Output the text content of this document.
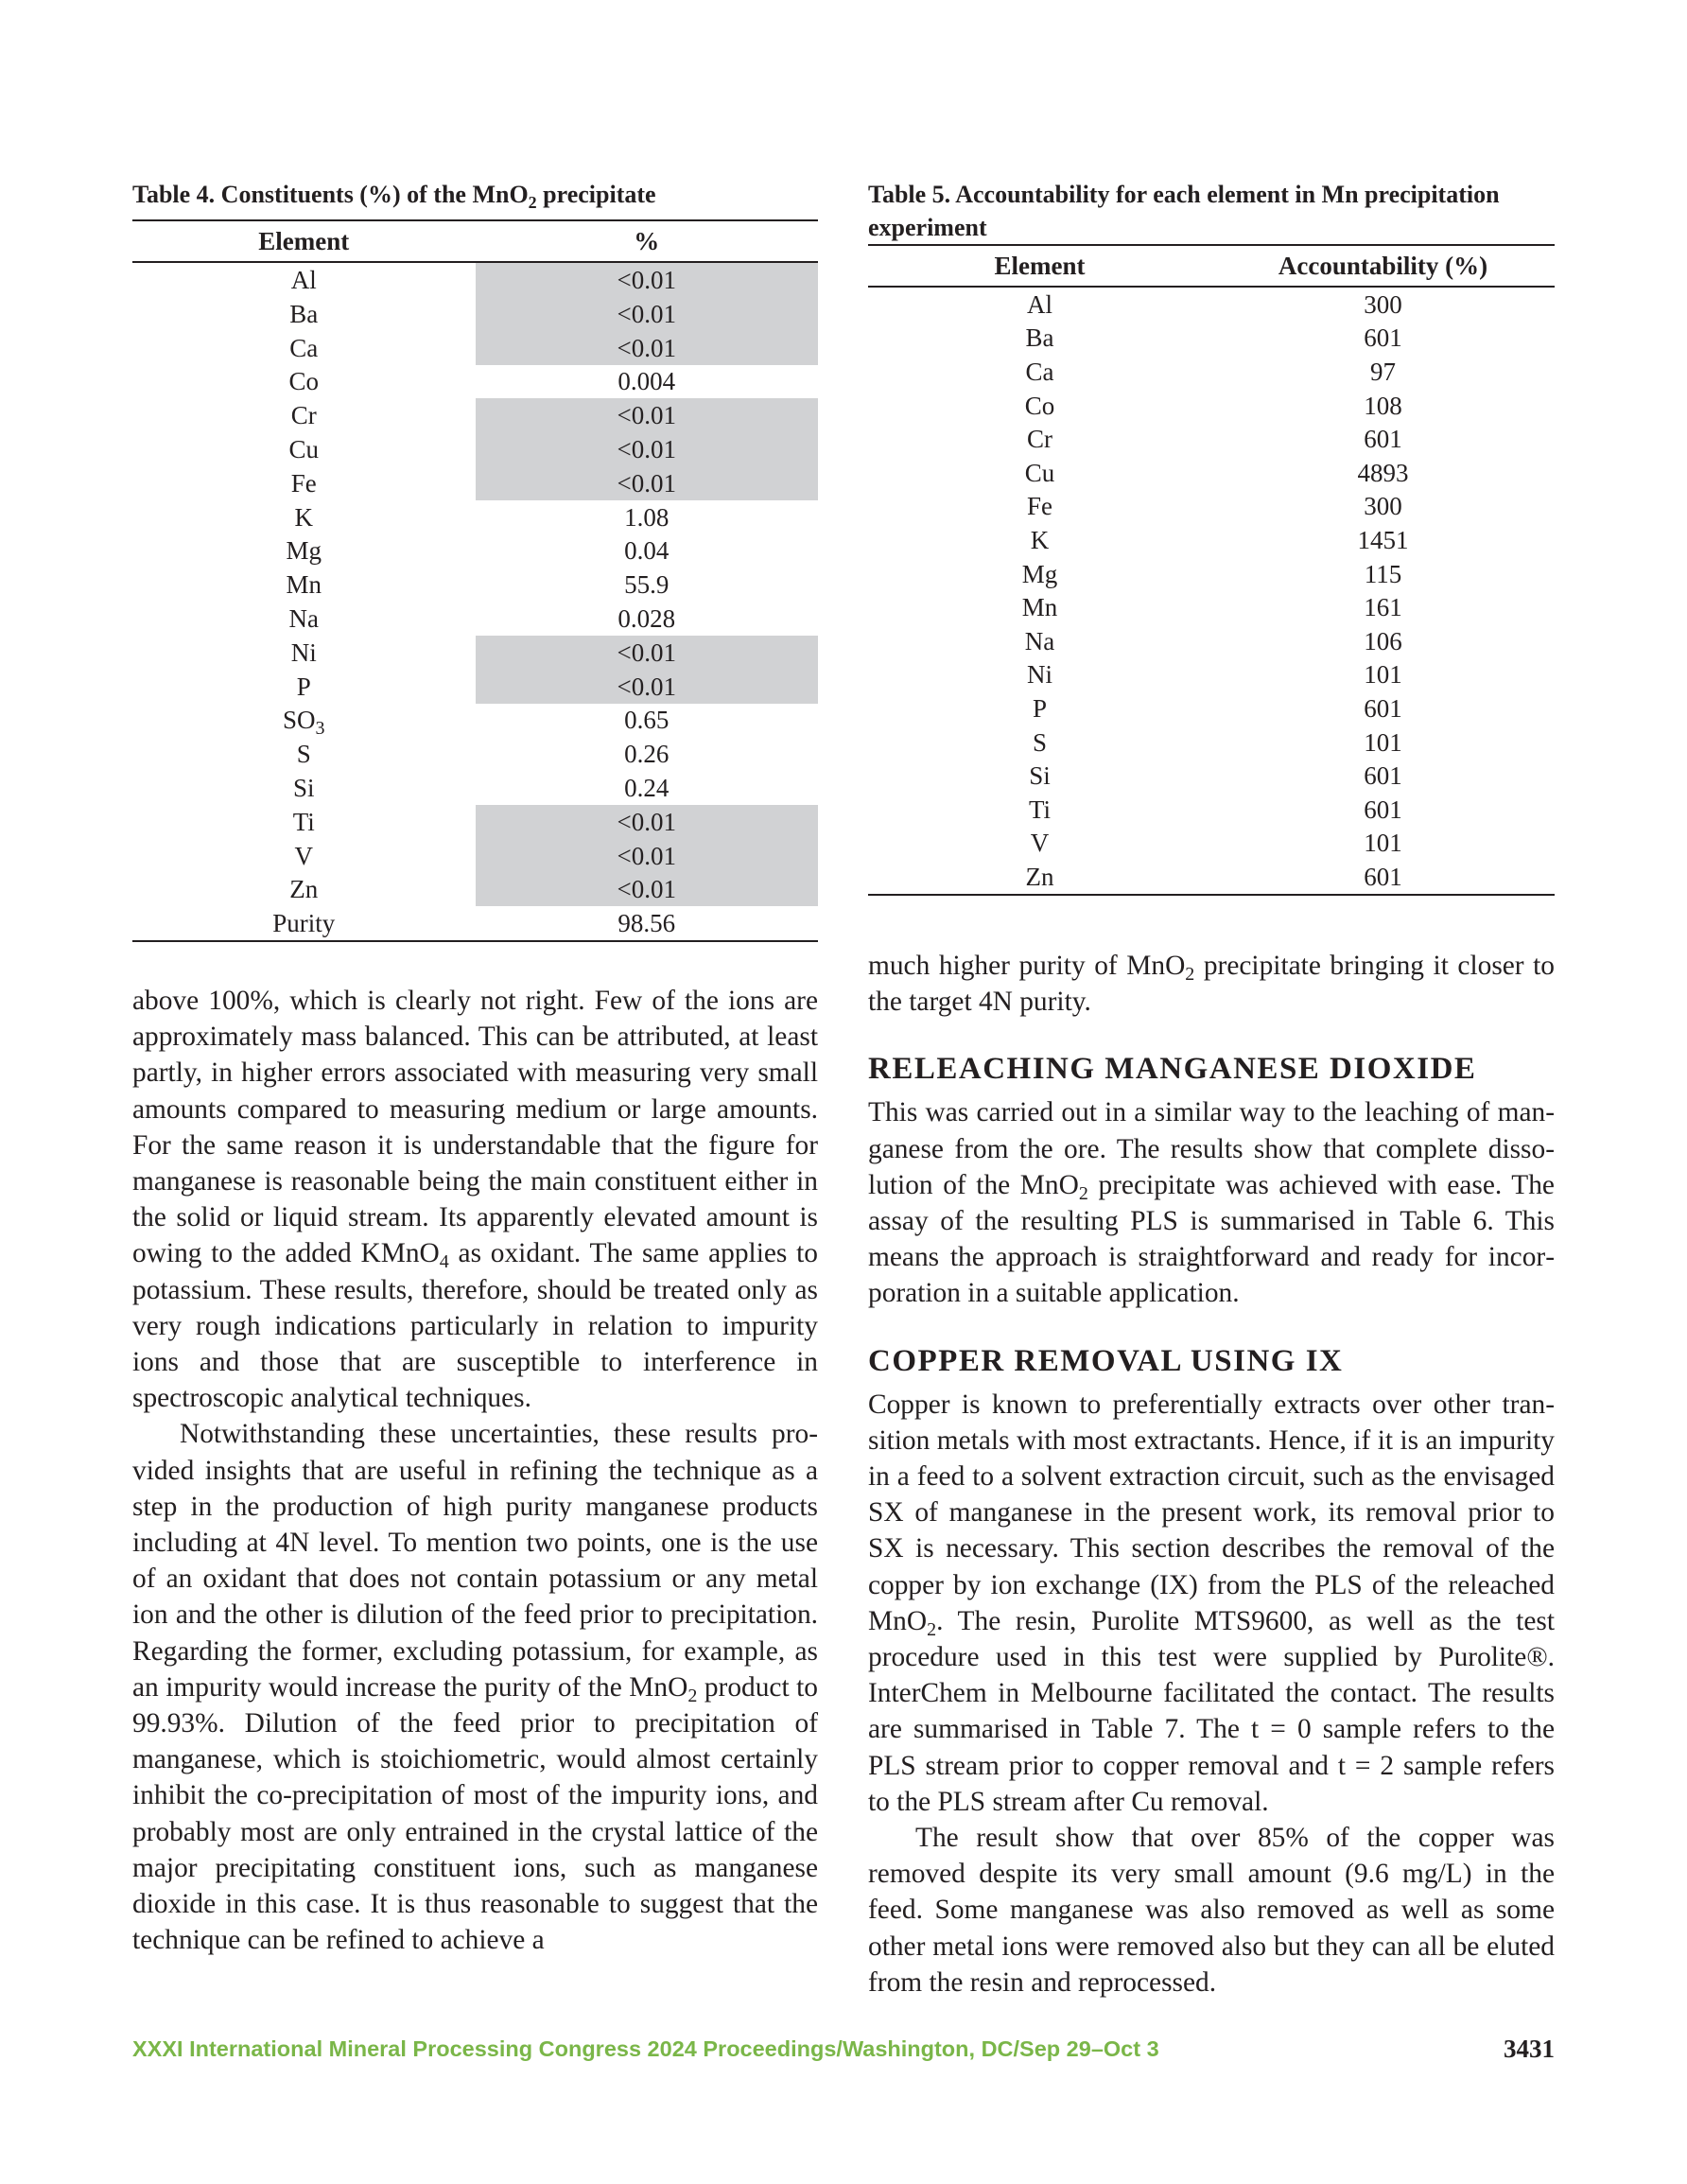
Table 4. Constituents (%) of the MnO$_2$ precipitate

Element	%
Al	<0.01
Ba	<0.01
Ca	<0.01
Co	0.004
Cr	<0.01
Cu	<0.01
Fe	<0.01
K	1.08
Mg	0.04
Mn	55.9
Na	0.028
Ni	<0.01
P	<0.01
$SO_3$	0.65
S	0.26
Si	0.24
Ti	<0.01
V	<0.01
Zn	<0.01
Purity	98.56

Table 5. Accountability for each element in Mn precipitation experiment

Element	Accountability (%)
Al	300
Ba	601
Ca	97
Co	108
Cr	601
Cu	4893
Fe	300
K	1451
Mg	115
Mn	161
Na	106
Ni	101
P	601
S	101
Si	601
Ti	601
V	101
Zn	601

above 100%, which is clearly not right. Few of the ions are approximately mass balanced. This can be attributed, at least partly, in higher errors associated with measuring very small amounts compared to measuring medium or large amounts. For the same reason it is understandable that the figure for manganese is reasonable being the main constituent either in the solid or liquid stream. Its apparently elevated amount is owing to the added KMnO$_4$ as oxidant. The same applies to potassium. These results, therefore, should be treated only as very rough indications particularly in relation to impurity ions and those that are susceptible to interference in spectroscopic analytical techniques.

Notwithstanding these uncertainties, these results provided insights that are useful in refining the technique as a step in the production of high purity manganese products including at 4N level. To mention two points, one is the use of an oxidant that does not contain potassium or any metal ion and the other is dilution of the feed prior to precipitation. Regarding the former, excluding potassium, for example, as an impurity would increase the purity of the MnO$_2$ product to 99.93%. Dilution of the feed prior to precipitation of manganese, which is stoichiometric, would almost certainly inhibit the co-precipitation of most of the impurity ions, and probably most are only entrained in the crystal lattice of the major precipitating constituent ions, such as manganese dioxide in this case. It is thus reasonable to suggest that the technique can be refined to achieve a

much higher purity of MnO$_2$ precipitate bringing it closer to the target 4N purity.

RELEACHING MANGANESE DIOXIDE

This was carried out in a similar way to the leaching of manganese from the ore. The results show that complete dissolution of the MnO$_2$ precipitate was achieved with ease. The assay of the resulting PLS is summarised in Table 6. This means the approach is straightforward and ready for incorporation in a suitable application.

COPPER REMOVAL USING IX

Copper is known to preferentially extracts over other transition metals with most extractants. Hence, if it is an impurity in a feed to a solvent extraction circuit, such as the envisaged SX of manganese in the present work, its removal prior to SX is necessary. This section describes the removal of the copper by ion exchange (IX) from the PLS of the releached MnO$_2$. The resin, Purolite MTS9600, as well as the test procedure used in this test were supplied by Purolite®. InterChem in Melbourne facilitated the contact. The results are summarised in Table 7. The t = 0 sample refers to the PLS stream prior to copper removal and t = 2 sample refers to the PLS stream after Cu removal.

The result show that over 85% of the copper was removed despite its very small amount (9.6 mg/L) in the feed. Some manganese was also removed as well as some other metal ions were removed also but they can all be eluted from the resin and reprocessed.

XXXI International Mineral Processing Congress 2024 Proceedings/Washington, DC/Sep 29–Oct 3	3431
